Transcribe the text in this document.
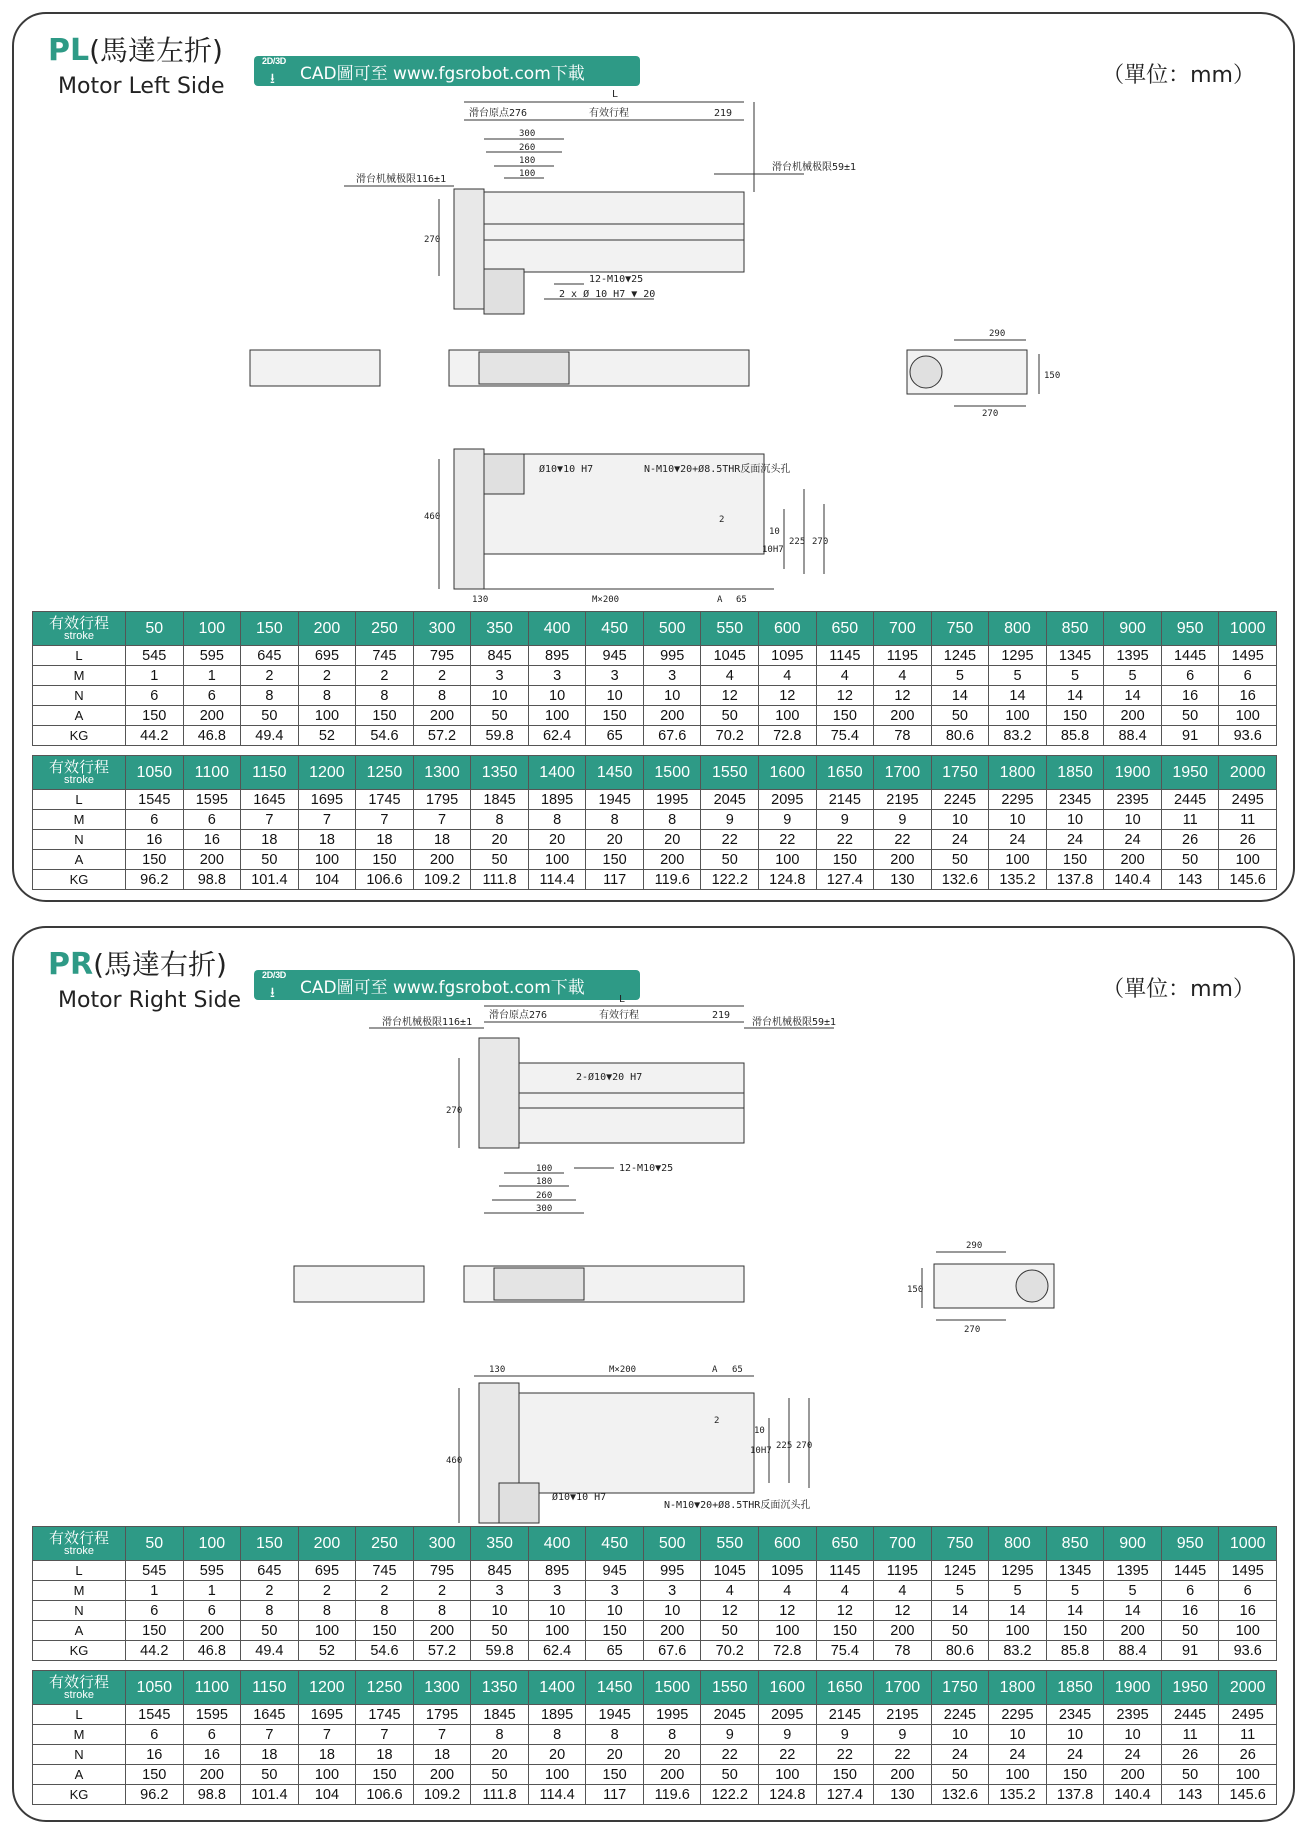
PL(馬達左折)
Motor Left Side
2D/3D
⭳ CAD圖可至 www.fgsrobot.com下載	（單位：mm）
L
滑台原点276	有效行程	219
300
260
180
100
滑台机械极限116±1
滑台机械极限59±1
270
12-M10▼25
2 x Ø 10 H7 ▼ 20
290
150
270
460
Ø10▼10 H7	N-M10▼20+Ø8.5THR反面沉头孔
2
10
10H7
225 270
130	M×200	A 65
有效行程
stroke	50	100	150	200	250	300	350	400	450	500	550	600	650	700	750	800	850	900	950	1000
L	545	595	645	695	745	795	845	895	945	995	1045	1095	1145	1195	1245	1295	1345	1395	1445	1495
M	1	1	2	2	2	2	3	3	3	3	4	4	4	4	5	5	5	5	6	6
N	6	6	8	8	8	8	10	10	10	10	12	12	12	12	14	14	14	14	16	16
A	150	200	50	100	150	200	50	100	150	200	50	100	150	200	50	100	150	200	50	100
KG	44.2	46.8	49.4	52	54.6	57.2	59.8	62.4	65	67.6	70.2	72.8	75.4	78	80.6	83.2	85.8	88.4	91	93.6
有效行程
stroke	1050	1100	1150	1200	1250	1300	1350	1400	1450	1500	1550	1600	1650	1700	1750	1800	1850	1900	1950	2000
L	1545	1595	1645	1695	1745	1795	1845	1895	1945	1995	2045	2095	2145	2195	2245	2295	2345	2395	2445	2495
M	6	6	7	7	7	7	8	8	8	8	9	9	9	9	10	10	10	10	11	11
N	16	16	18	18	18	18	20	20	20	20	22	22	22	22	24	24	24	24	26	26
A	150	200	50	100	150	200	50	100	150	200	50	100	150	200	50	100	150	200	50	100
KG	96.2	98.8	101.4	104	106.6	109.2	111.8	114.4	117	119.6	122.2	124.8	127.4	130	132.6	135.2	137.8	140.4	143	145.6
PR(馬達右折)
Motor Right Side
2D/3D
⭳ CAD圖可至 www.fgsrobot.com下載	（單位：mm）
L
滑台原点276	有效行程	219
滑台机械极限116±1	滑台机械极限59±1
2-Ø10▼20 H7
270
100
180
260
300
12-M10▼25
290
150
270
130	M×200	A 65
460
2
10
10H7 225 270
Ø10▼10 H7
N-M10▼20+Ø8.5THR反面沉头孔
有效行程
stroke	50	100	150	200	250	300	350	400	450	500	550	600	650	700	750	800	850	900	950	1000
L	545	595	645	695	745	795	845	895	945	995	1045	1095	1145	1195	1245	1295	1345	1395	1445	1495
M	1	1	2	2	2	2	3	3	3	3	4	4	4	4	5	5	5	5	6	6
N	6	6	8	8	8	8	10	10	10	10	12	12	12	12	14	14	14	14	16	16
A	150	200	50	100	150	200	50	100	150	200	50	100	150	200	50	100	150	200	50	100
KG	44.2	46.8	49.4	52	54.6	57.2	59.8	62.4	65	67.6	70.2	72.8	75.4	78	80.6	83.2	85.8	88.4	91	93.6
有效行程
stroke	1050	1100	1150	1200	1250	1300	1350	1400	1450	1500	1550	1600	1650	1700	1750	1800	1850	1900	1950	2000
L	1545	1595	1645	1695	1745	1795	1845	1895	1945	1995	2045	2095	2145	2195	2245	2295	2345	2395	2445	2495
M	6	6	7	7	7	7	8	8	8	8	9	9	9	9	10	10	10	10	11	11
N	16	16	18	18	18	18	20	20	20	20	22	22	22	22	24	24	24	24	26	26
A	150	200	50	100	150	200	50	100	150	200	50	100	150	200	50	100	150	200	50	100
KG	96.2	98.8	101.4	104	106.6	109.2	111.8	114.4	117	119.6	122.2	124.8	127.4	130	132.6	135.2	137.8	140.4	143	145.6
